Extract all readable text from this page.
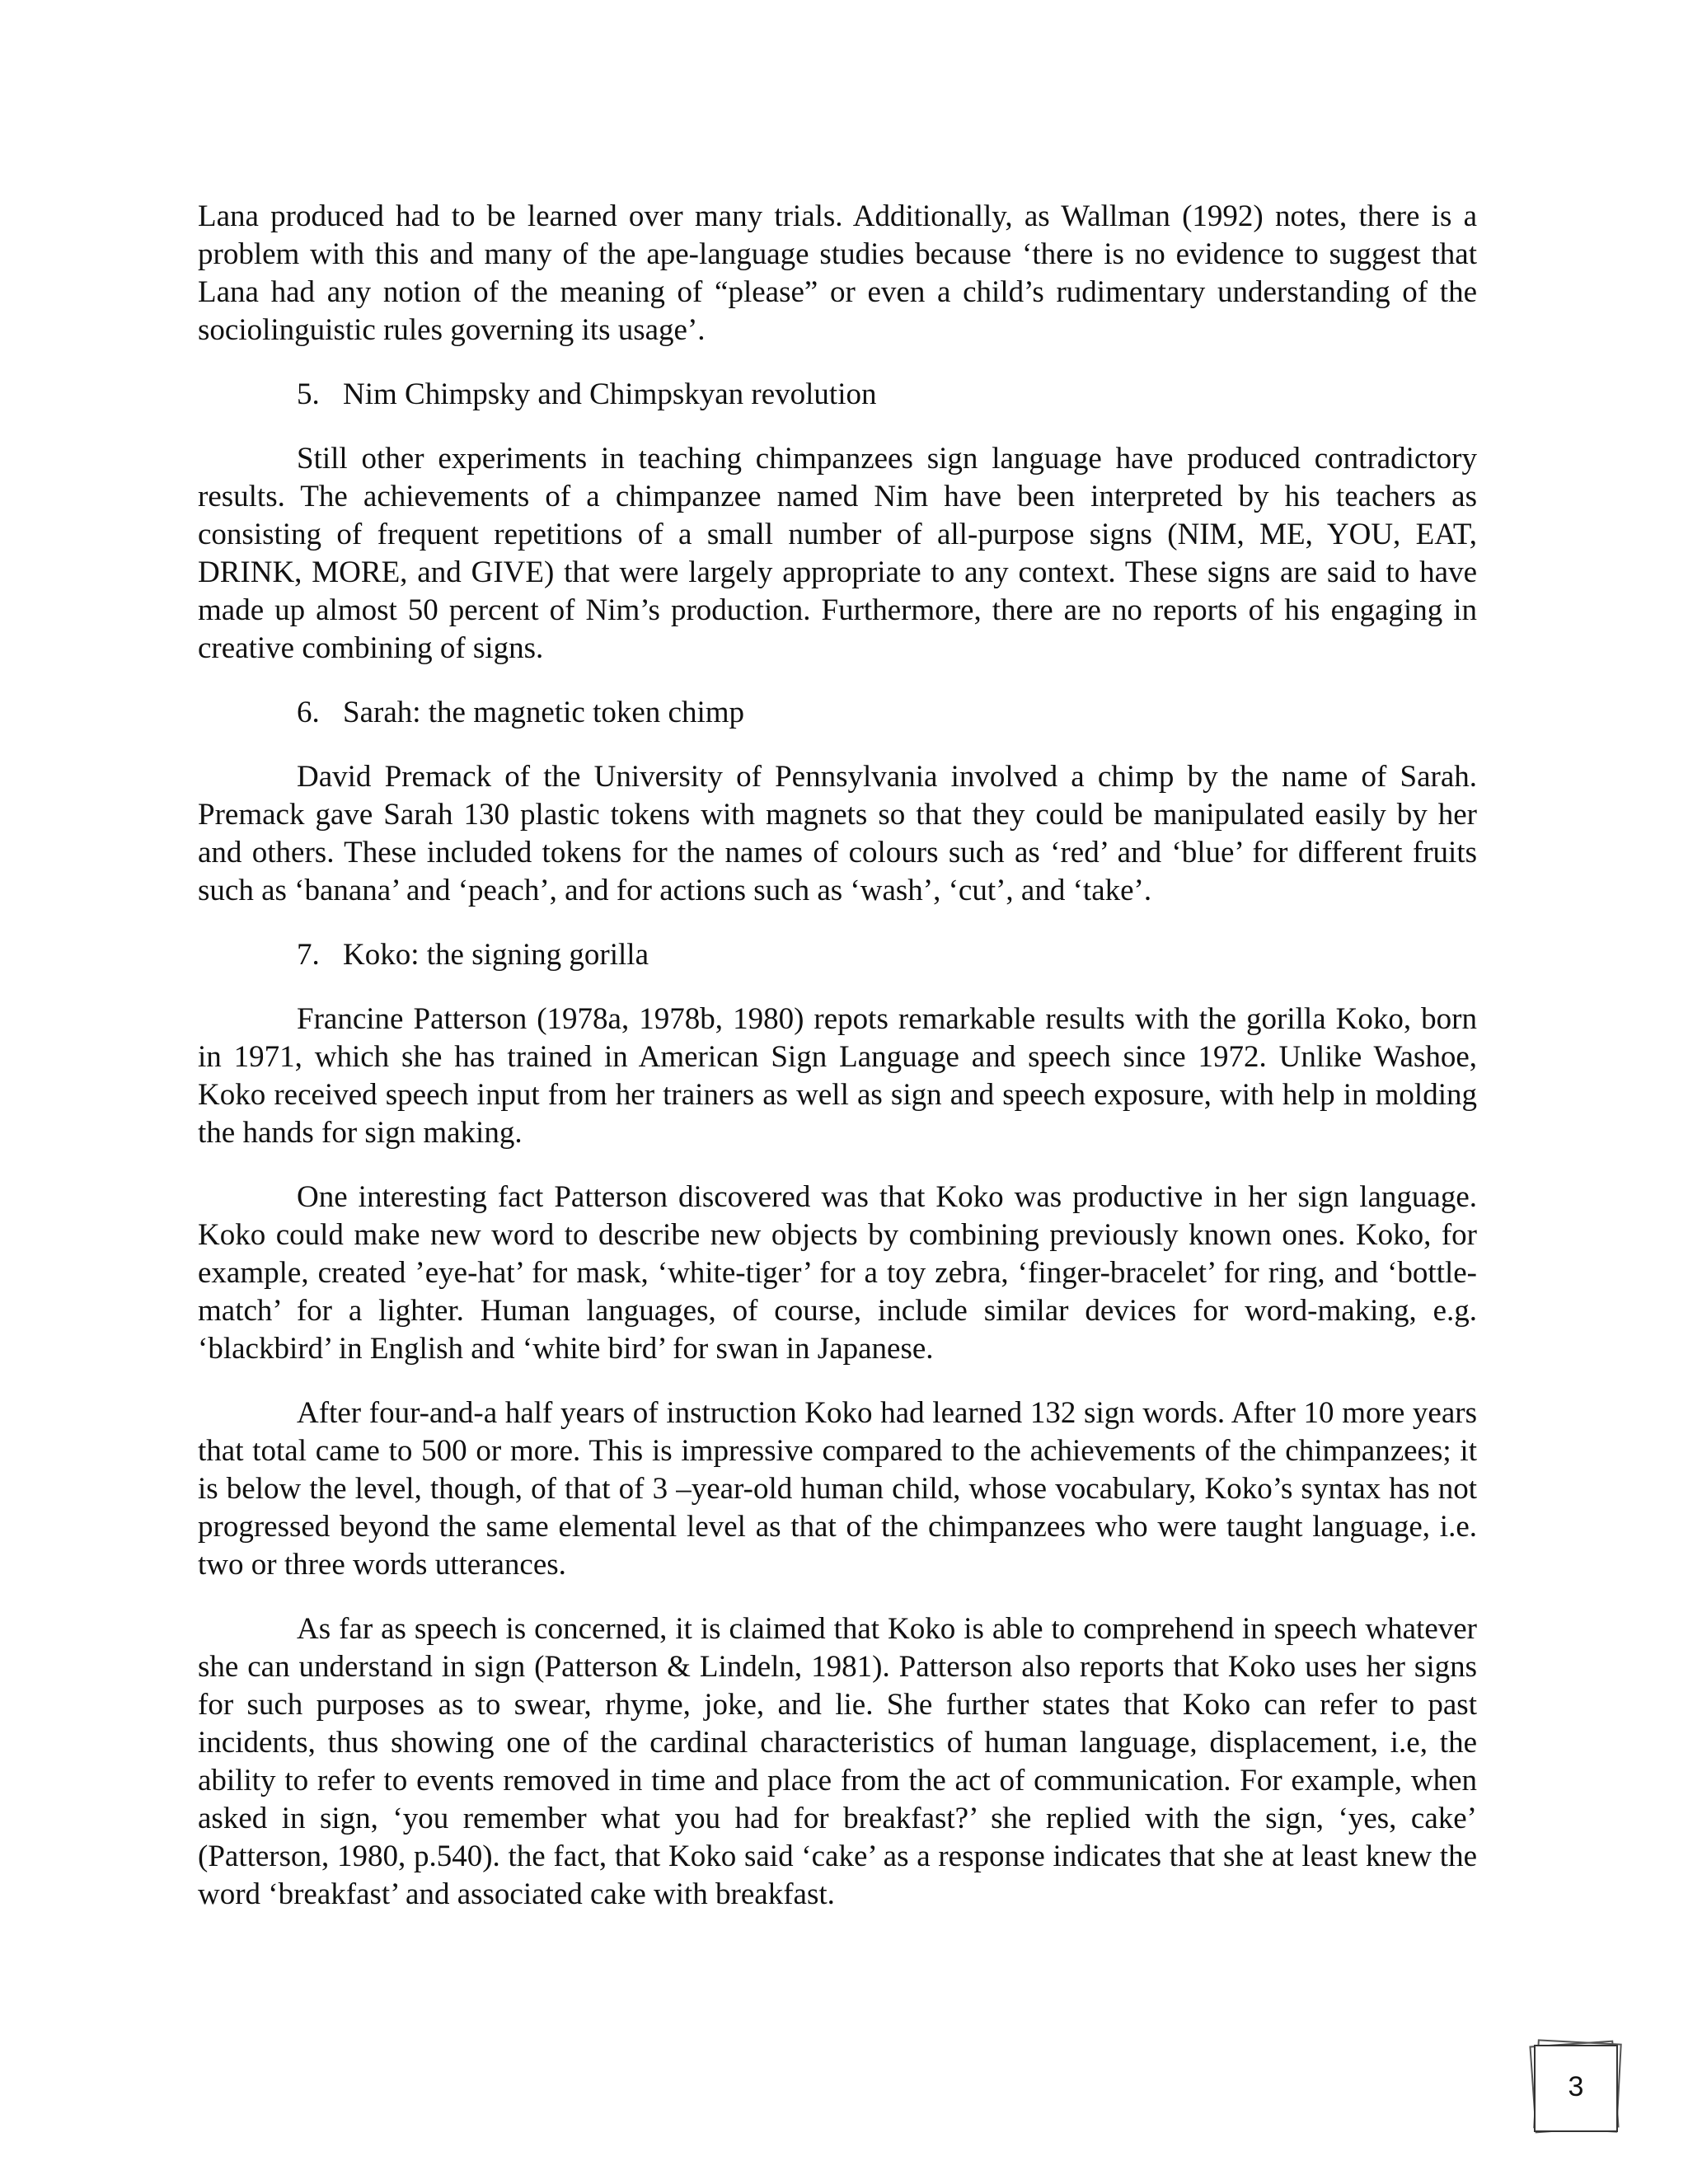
Lana produced had to be learned over many trials. Additionally, as Wallman (1992) notes, there is a problem with this and many of the ape-language studies because ‘there is no evidence to suggest that Lana had any notion of the meaning of “please” or even a child’s rudimentary understanding of the sociolinguistic rules governing its usage’.

5. Nim Chimpsky and Chimpskyan revolution

Still other experiments in teaching chimpanzees sign language have produced contradictory results. The achievements of a chimpanzee named Nim have been interpreted by his teachers as consisting of frequent repetitions of a small number of all-purpose signs (NIM, ME, YOU, EAT, DRINK, MORE, and GIVE) that were largely appropriate to any context. These signs are said to have made up almost 50 percent of Nim’s production. Furthermore, there are no reports of his engaging in creative combining of signs.

6. Sarah: the magnetic token chimp

David Premack of the University of Pennsylvania involved a chimp by the name of Sarah. Premack gave Sarah 130 plastic tokens with magnets so that they could be manipulated easily by her and others. These included tokens for the names of colours such as ‘red’ and ‘blue’ for different fruits such as ‘banana’ and ‘peach’, and for actions such as ‘wash’, ‘cut’, and ‘take’.

7. Koko: the signing gorilla

Francine Patterson (1978a, 1978b, 1980) repots remarkable results with the gorilla Koko, born in 1971, which she has trained in American Sign Language and speech since 1972. Unlike Washoe, Koko received speech input from her trainers as well as sign and speech exposure, with help in molding the hands for sign making.

One interesting fact Patterson discovered was that Koko was productive in her sign language. Koko could make new word to describe new objects by combining previously known ones. Koko, for example, created ’eye-hat’ for mask, ‘white-tiger’ for a toy zebra, ‘finger-bracelet’ for ring, and ‘bottle-match’ for a lighter. Human languages, of course, include similar devices for word-making, e.g. ‘blackbird’ in English and ‘white bird’ for swan in Japanese.

After four-and-a half years of instruction Koko had learned 132 sign words. After 10 more years that total came to 500 or more. This is impressive compared to the achievements of the chimpanzees; it is below the level, though, of that of 3 –year-old human child, whose vocabulary, Koko’s syntax has not progressed beyond the same elemental level as that of the chimpanzees who were taught language, i.e. two or three words utterances.

As far as speech is concerned, it is claimed that Koko is able to comprehend in speech whatever she can understand in sign (Patterson & Lindeln, 1981). Patterson also reports that Koko uses her signs for such purposes as to swear, rhyme, joke, and lie. She further states that Koko can refer to past incidents, thus showing one of the cardinal characteristics of human language, displacement, i.e, the ability to refer to events removed in time and place from the act of communication. For example, when asked in sign, ‘you remember what you had for breakfast?’ she replied with the sign, ‘yes, cake’ (Patterson, 1980, p.540). the fact, that Koko said ‘cake’ as a response indicates that she at least knew the word ‘breakfast’ and associated cake with breakfast.

3
